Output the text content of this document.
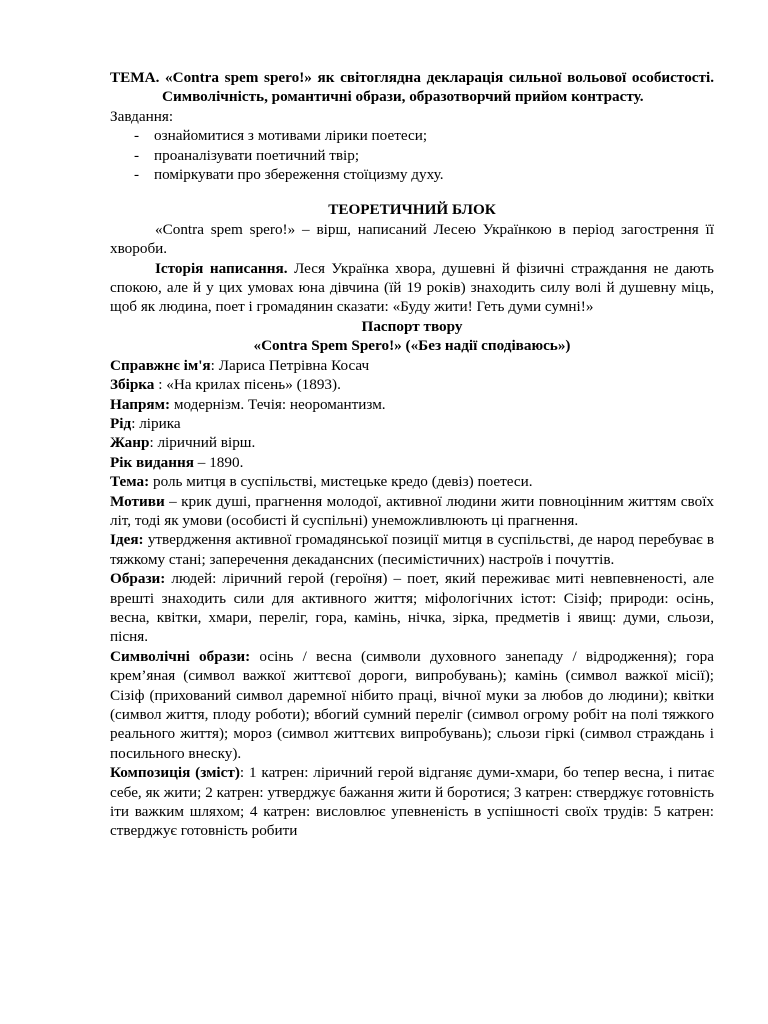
ТЕМА. «Contra spem spero!» як світоглядна декларація сильної вольової особистості. Символічність, романтичні образи, образотворчий прийом контрасту.

Завдання:

- ознайомитися з мотивами лірики поетеси;
- проаналізувати поетичний твір;
- поміркувати про збереження стоїцизму духу.

ТЕОРЕТИЧНИЙ БЛОК

«Contra spem spero!» – вірш, написаний Лесею Українкою в період загострення її хвороби.

Історія написання. Леся Українка хвора, душевні й фізичні страждання не дають спокою, але й у цих умовах юна дівчина (їй 19 років) знаходить силу волі й душевну міць, щоб як людина, поет і громадянин сказати: «Буду жити! Геть думи сумні!»

Паспорт твору

«Contra Spem Spero!» («Без надії сподіваюсь»)

Справжнє ім'я: Лариса Петрівна Косач

Збірка : «На крилах пісень» (1893).

Напрям: модернізм. Течія: неоромантизм.

Рід: лірика

Жанр: ліричний вірш.

Рік видання – 1890.

Тема: роль митця в суспільстві, мистецьке кредо (девіз) поетеси.

Мотиви – крик душі, прагнення молодої, активної людини жити повноцінним життям своїх літ, тоді як умови (особисті й суспільні) унеможливлюють ці прагнення.

Ідея: утвердження активної громадянської позиції митця в суспільстві, де народ перебуває в тяжкому стані; заперечення декадансних (песимістичних) настроїв і почуттів.

Образи: людей: ліричний герой (героїня) – поет, який переживає миті невпевненості, але врешті знаходить сили для активного життя; міфологічних істот: Сізіф; природи: осінь, весна, квітки, хмари, переліг, гора, камінь, нічка, зірка, предметів і явищ: думи, сльози, пісня.

Символічні образи: осінь / весна (символи духовного занепаду / відродження); гора крем’яная (символ важкої життєвої дороги, випробувань); камінь (символ важкої місії); Сізіф (прихований символ даремної нібито праці, вічної муки за любов до людини); квітки (символ життя, плоду роботи); вбогий сумний переліг (символ огрому робіт на полі тяжкого реального життя); мороз (символ життєвих випробувань); сльози гіркі (символ страждань і посильного внеску).

Композиція (зміст): 1 катрен: ліричний герой відганяє думи-хмари, бо тепер весна, і питає себе, як жити; 2 катрен: утверджує бажання жити й боротися; 3 катрен: стверджує готовність іти важким шляхом; 4 катрен: висловлює упевненість в успішності своїх трудів: 5 катрен: стверджує готовність робити
